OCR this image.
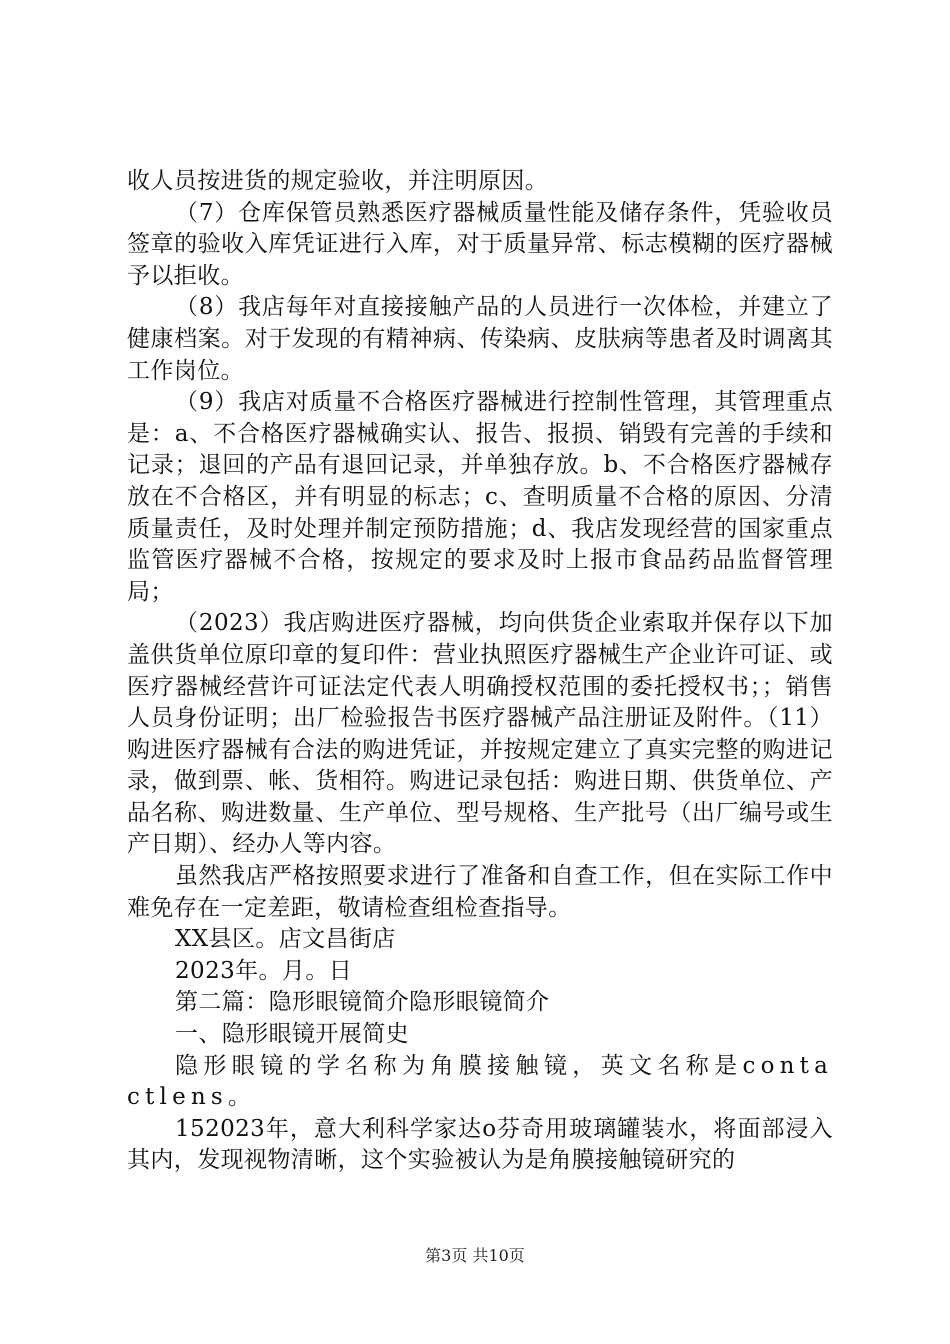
收人员按进货的规定验收，并注明原因。

（7）仓库保管员熟悉医疗器械质量性能及储存条件，凭验收员签章的验收入库凭证进行入库，对于质量异常、标志模糊的医疗器械予以拒收。

（8）我店每年对直接接触产品的人员进行一次体检，并建立了健康档案。对于发现的有精神病、传染病、皮肤病等患者及时调离其工作岗位。

（9）我店对质量不合格医疗器械进行控制性管理，其管理重点是：a、不合格医疗器械确实认、报告、报损、销毁有完善的手续和记录；退回的产品有退回记录，并单独存放。b、不合格医疗器械存放在不合格区，并有明显的标志；c、查明质量不合格的原因、分清质量责任，及时处理并制定预防措施；d、我店发现经营的国家重点监管医疗器械不合格，按规定的要求及时上报市食品药品监督管理局；

（2023）我店购进医疗器械，均向供货企业索取并保存以下加盖供货单位原印章的复印件：营业执照医疗器械生产企业许可证、或医疗器械经营许可证法定代表人明确授权范围的委托授权书；；销售人员身份证明；出厂检验报告书医疗器械产品注册证及附件。（11）购进医疗器械有合法的购进凭证，并按规定建立了真实完整的购进记录，做到票、帐、货相符。购进记录包括：购进日期、供货单位、产品名称、购进数量、生产单位、型号规格、生产批号（出厂编号或生产日期）、经办人等内容。

虽然我店严格按照要求进行了准备和自查工作，但在实际工作中难免存在一定差距，敬请检查组检查指导。

XX县区。店文昌街店

2023年。月。日

第二篇：隐形眼镜简介隐形眼镜简介

一、隐形眼镜开展简史

隐形眼镜的学名称为角膜接触镜，英文名称是contactlens。

152023年，意大利科学家达o芬奇用玻璃罐装水，将面部浸入其内，发现视物清晰，这个实验被认为是角膜接触镜研究的

第3页 共10页
